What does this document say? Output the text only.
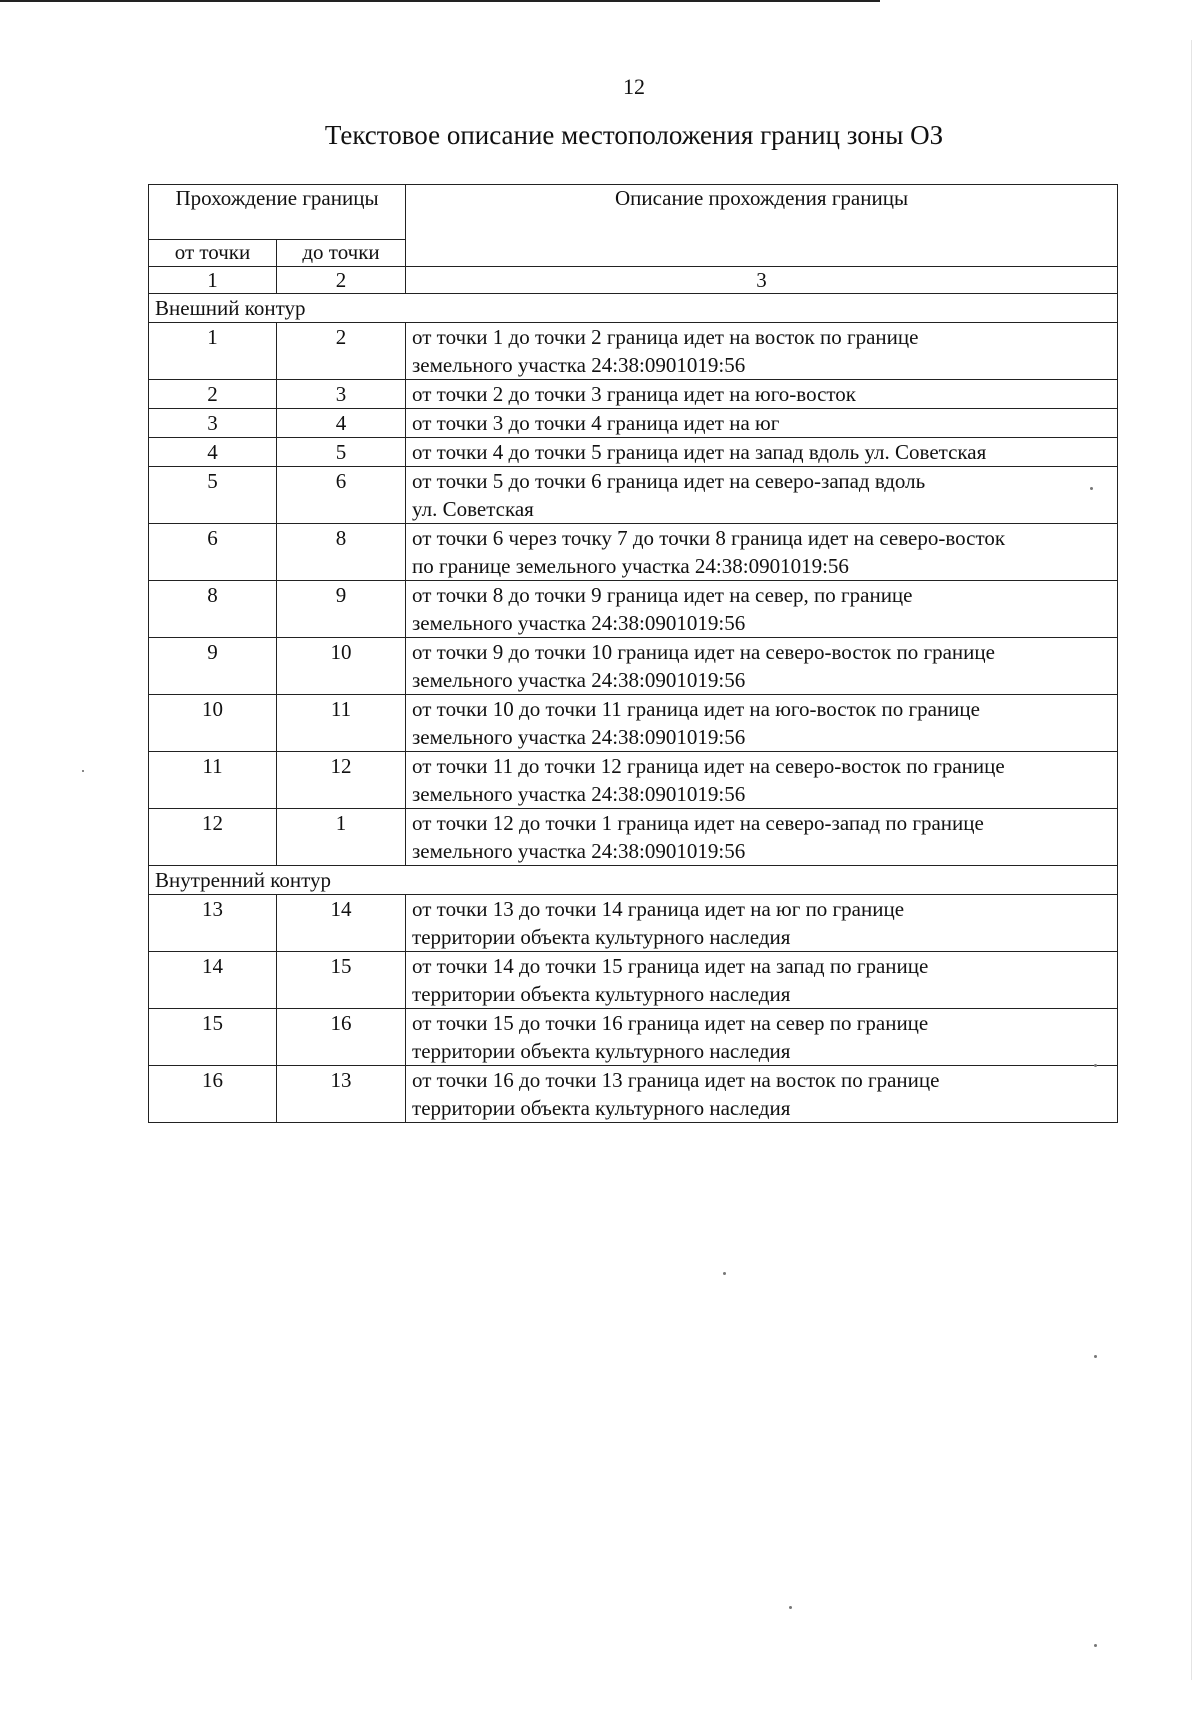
12
Текстовое описание местоположения границ зоны ОЗ
Прохождение границы		Описание прохождения границы
от точки	до точки	
1	2	3
Внешний контур		
1	2	от точки 1 до точки 2 граница идет на восток по границе
земельного участка 24:38:0901019:56

2	3	от точки 2 до точки 3 граница идет на юго-восток

3	4	от точки 3 до точки 4 граница идет на юг

4	5	от точки 4 до точки 5 граница идет на запад вдоль ул. Советская

5	6	от точки 5 до точки 6 граница идет на северо-запад вдоль
ул. Советская

6	8	от точки 6 через точку 7 до точки 8 граница идет на северо-восток
по границе земельного участка 24:38:0901019:56

8	9	от точки 8 до точки 9 граница идет на север, по границе
земельного участка 24:38:0901019:56

9	10	от точки 9 до точки 10 граница идет на северо-восток по границе
земельного участка 24:38:0901019:56

10	11	от точки 10 до точки 11 граница идет на юго-восток по границе
земельного участка 24:38:0901019:56

11	12	от точки 11 до точки 12 граница идет на северо-восток по границе
земельного участка 24:38:0901019:56

12	1	от точки 12 до точки 1 граница идет на северо-запад по границе
земельного участка 24:38:0901019:56

Внутренний контур		
13	14	от точки 13 до точки 14 граница идет на юг по границе
территории объекта культурного наследия

14	15	от точки 14 до точки 15 граница идет на запад по границе
территории объекта культурного наследия

15	16	от точки 15 до точки 16 граница идет на север по границе
территории объекта культурного наследия

16	13	от точки 16 до точки 13 граница идет на восток по границе
территории объекта культурного наследия
